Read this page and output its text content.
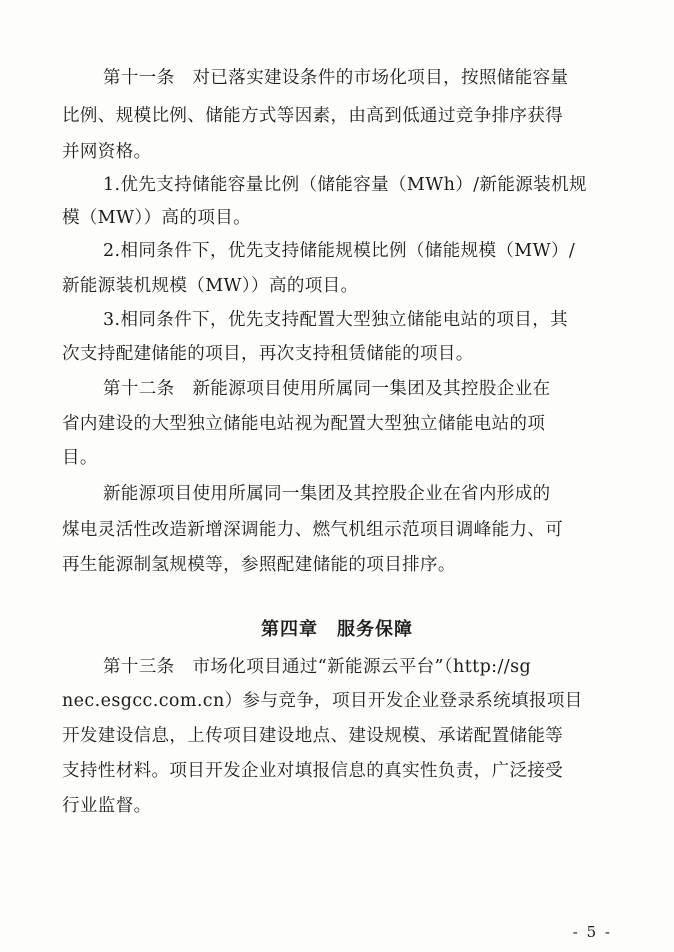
第十一条　对已落实建设条件的市场化项目，按照储能容量
比例、规模比例、储能方式等因素，由高到低通过竞争排序获得
并网资格。
1.优先支持储能容量比例（储能容量（MWh）/新能源装机规
模（MW））高的项目。
2.相同条件下，优先支持储能规模比例（储能规模（MW）/
新能源装机规模（MW））高的项目。
3.相同条件下，优先支持配置大型独立储能电站的项目，其
次支持配建储能的项目，再次支持租赁储能的项目。
第十二条　新能源项目使用所属同一集团及其控股企业在
省内建设的大型独立储能电站视为配置大型独立储能电站的项
目。
新能源项目使用所属同一集团及其控股企业在省内形成的
煤电灵活性改造新增深调能力、燃气机组示范项目调峰能力、可
再生能源制氢规模等，参照配建储能的项目排序。
第四章　服务保障
第十三条　市场化项目通过“新能源云平台”（http://sg
nec.esgcc.com.cn）参与竞争，项目开发企业登录系统填报项目
开发建设信息，上传项目建设地点、建设规模、承诺配置储能等
支持性材料。项目开发企业对填报信息的真实性负责，广泛接受
行业监督。
- 5 -
